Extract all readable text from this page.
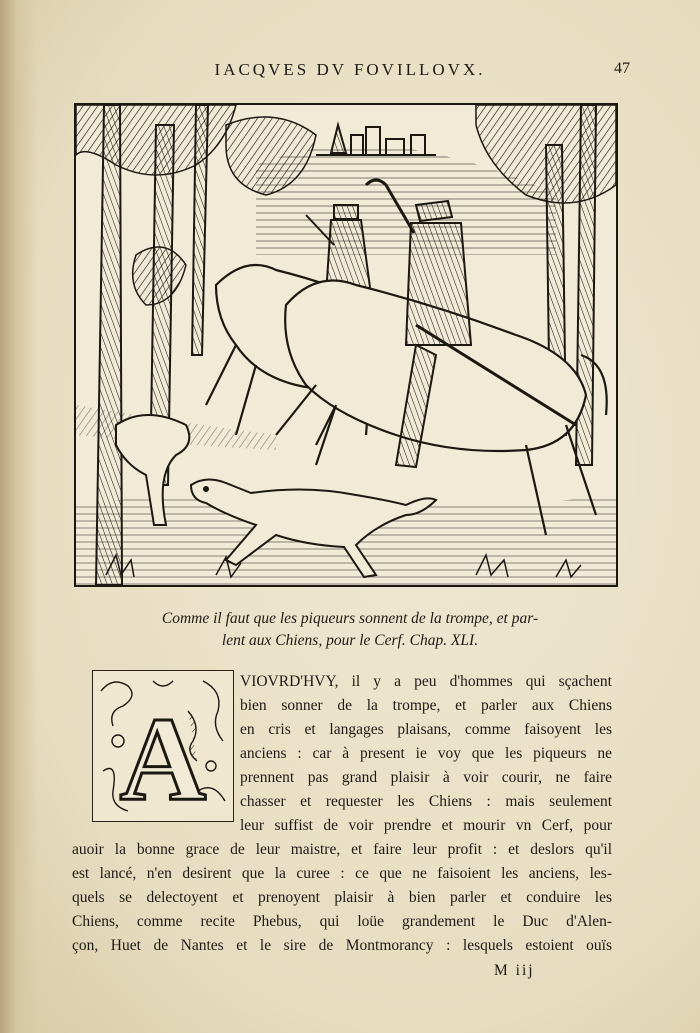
IACQVES DV FOVILLOVX.	47
Comme il faut que les piqueurs sonnent de la trompe, et par-
lent aux Chiens, pour le Cerf. Chap. XLI.
A
VIOVRD'HVY, il y a peu d'hommes qui sçachent
bien sonner de la trompe, et parler aux Chiens
en cris et langages plaisans, comme faisoyent les
anciens : car à present ie voy que les piqueurs ne
prennent pas grand plaisir à voir courir, ne faire
chasser et requester les Chiens : mais seulement
leur suffist de voir prendre et mourir vn Cerf, pour
auoir la bonne grace de leur maistre, et faire leur profit : et deslors qu'il
est lancé, n'en desirent que la curee : ce que ne faisoient les anciens, les-
quels se delectoyent et prenoyent plaisir à bien parler et conduire les
Chiens, comme recite Phebus, qui loüe grandement le Duc d'Alen-
çon, Huet de Nantes et le sire de Montmorancy : lesquels estoient ouïs
M iij
